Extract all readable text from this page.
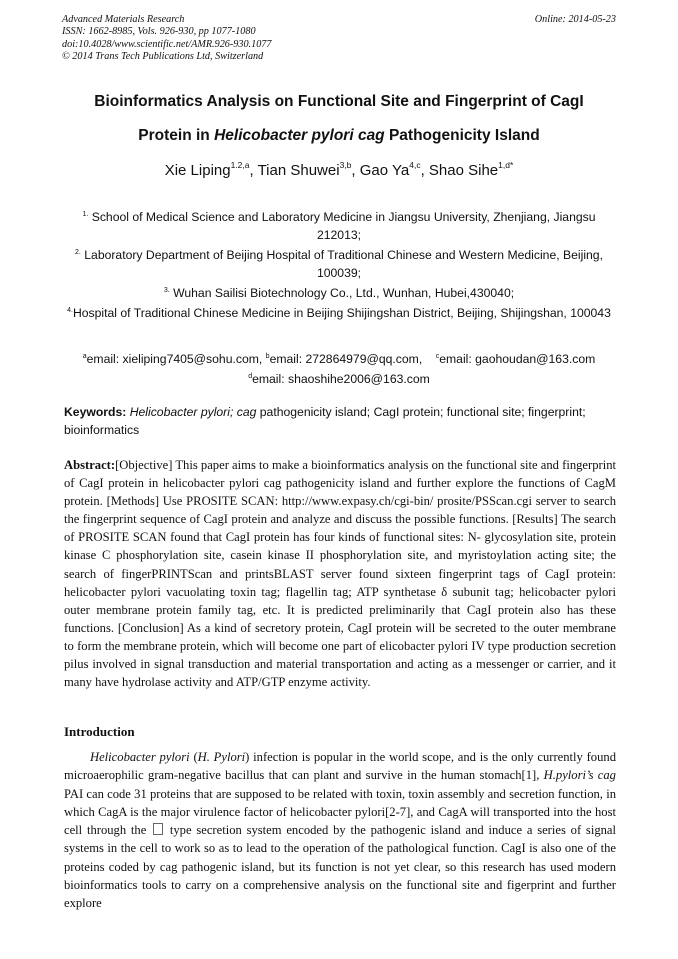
Advanced Materials Research
ISSN: 1662-8985, Vols. 926-930, pp 1077-1080
doi:10.4028/www.scientific.net/AMR.926-930.1077
© 2014 Trans Tech Publications Ltd, Switzerland
Online: 2014-05-23
Bioinformatics Analysis on Functional Site and Fingerprint of CagI
Protein in Helicobacter pylori cag Pathogenicity Island
Xie Liping$^{1.2,a}$, Tian Shuwei$^{3,b}$, Gao Ya$^{4,c}$, Shao Sihe$^{1,d*}$
$^{1.}$ School of Medical Science and Laboratory Medicine in Jiangsu University, Zhenjiang, Jiangsu 212013;
$^{2.}$ Laboratory Department of Beijing Hospital of Traditional Chinese and Western Medicine, Beijing, 100039;
$^{3.}$ Wuhan Sailisi Biotechnology Co., Ltd., Wunhan, Hubei,430040;
$^{4.}$Hospital of Traditional Chinese Medicine in Beijing Shijingshan District, Beijing, Shijingshan, 100043
$^a$email: xieliping7405@sohu.com, $^b$email: 272864979@qq.com, $^c$email: gaohoudan@163.com
$^d$email: shaoshihe2006@163.com
Keywords: Helicobacter pylori; cag pathogenicity island; CagI protein; functional site; fingerprint; bioinformatics
Abstract:[Objective] This paper aims to make a bioinformatics analysis on the functional site and fingerprint of CagI protein in helicobacter pylori cag pathogenicity island and further explore the functions of CagM protein. [Methods] Use PROSITE SCAN: http://www.expasy.ch/cgi-bin/ prosite/PSScan.cgi server to search the fingerprint sequence of CagI protein and analyze and discuss the possible functions. [Results] The search of PROSITE SCAN found that CagI protein has four kinds of functional sites: N- glycosylation site, protein kinase C phosphorylation site, casein kinase II phosphorylation site, and myristoylation acting site; the search of fingerPRINTScan and printsBLAST server found sixteen fingerprint tags of CagI protein: helicobacter pylori vacuolating toxin tag; flagellin tag; ATP synthetase δ subunit tag; helicobacter pylori outer membrane protein family tag, etc. It is predicted preliminarily that CagI protein also has these functions. [Conclusion] As a kind of secretory protein, CagI protein will be secreted to the outer membrane to form the membrane protein, which will become one part of elicobacter pylori IV type production secretion pilus involved in signal transduction and material transportation and acting as a messenger or carrier, and it many have hydrolase activity and ATP/GTP enzyme activity.
Introduction
Helicobacter pylori (H. Pylori) infection is popular in the world scope, and is the only currently found microaerophilic gram-negative bacillus that can plant and survive in the human stomach[1], H.pylori’s cag PAI can code 31 proteins that are supposed to be related with toxin, toxin assembly and secretion function, in which CagA is the major virulence factor of helicobacter pylori[2-7], and CagA will transported into the host cell through the  type secretion system encoded by the pathogenic island and induce a series of signal systems in the cell to work so as to lead to the operation of the pathological function. CagI is also one of the proteins coded by cag pathogenic island, but its function is not yet clear, so this research has used modern bioinformatics tools to carry on a comprehensive analysis on the functional site and figerprint and further explore
